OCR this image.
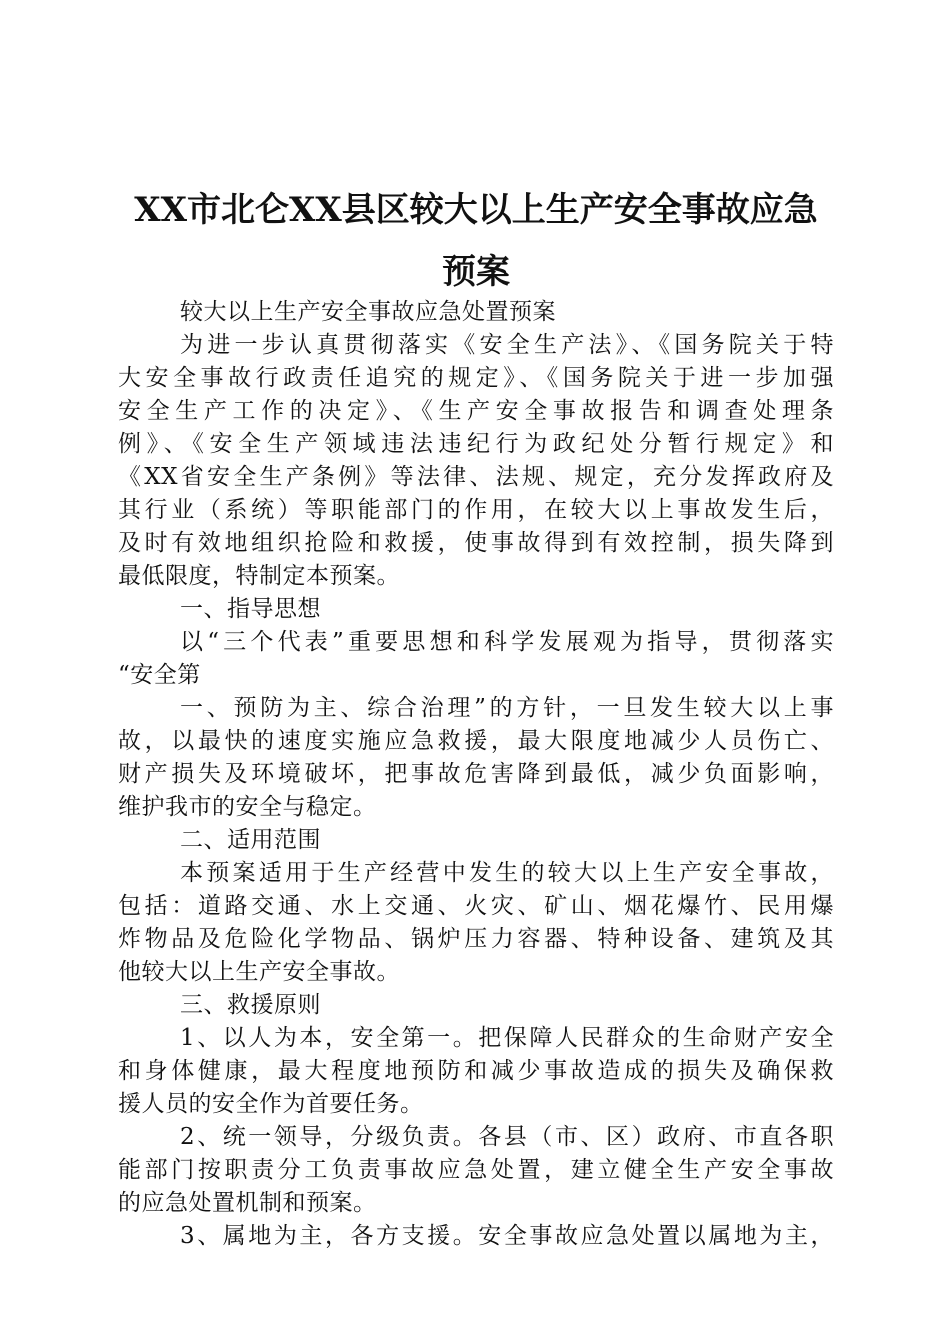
XX市北仑XX县区较大以上生产安全事故应急
预案
较大以上生产安全事故应急处置预案
为进一步认真贯彻落实《安全生产法》、《国务院关于特
大安全事故行政责任追究的规定》、《国务院关于进一步加强
安全生产工作的决定》、《生产安全事故报告和调查处理条
例》、《安全生产领域违法违纪行为政纪处分暂行规定》和
《XX省安全生产条例》等法律、法规、规定，充分发挥政府及
其行业（系统）等职能部门的作用，在较大以上事故发生后，
及时有效地组织抢险和救援，使事故得到有效控制，损失降到
最低限度，特制定本预案。
一、指导思想
以“三个代表”重要思想和科学发展观为指导，贯彻落实
“安全第
一、预防为主、综合治理”的方针，一旦发生较大以上事
故，以最快的速度实施应急救援，最大限度地减少人员伤亡、
财产损失及环境破坏，把事故危害降到最低，减少负面影响，
维护我市的安全与稳定。
二、适用范围
本预案适用于生产经营中发生的较大以上生产安全事故，
包括：道路交通、水上交通、火灾、矿山、烟花爆竹、民用爆
炸物品及危险化学物品、锅炉压力容器、特种设备、建筑及其
他较大以上生产安全事故。
三、救援原则
1、以人为本，安全第一。把保障人民群众的生命财产安全
和身体健康，最大程度地预防和减少事故造成的损失及确保救
援人员的安全作为首要任务。
2、统一领导，分级负责。各县（市、区）政府、市直各职
能部门按职责分工负责事故应急处置，建立健全生产安全事故
的应急处置机制和预案。
3、属地为主，各方支援。安全事故应急处置以属地为主，
